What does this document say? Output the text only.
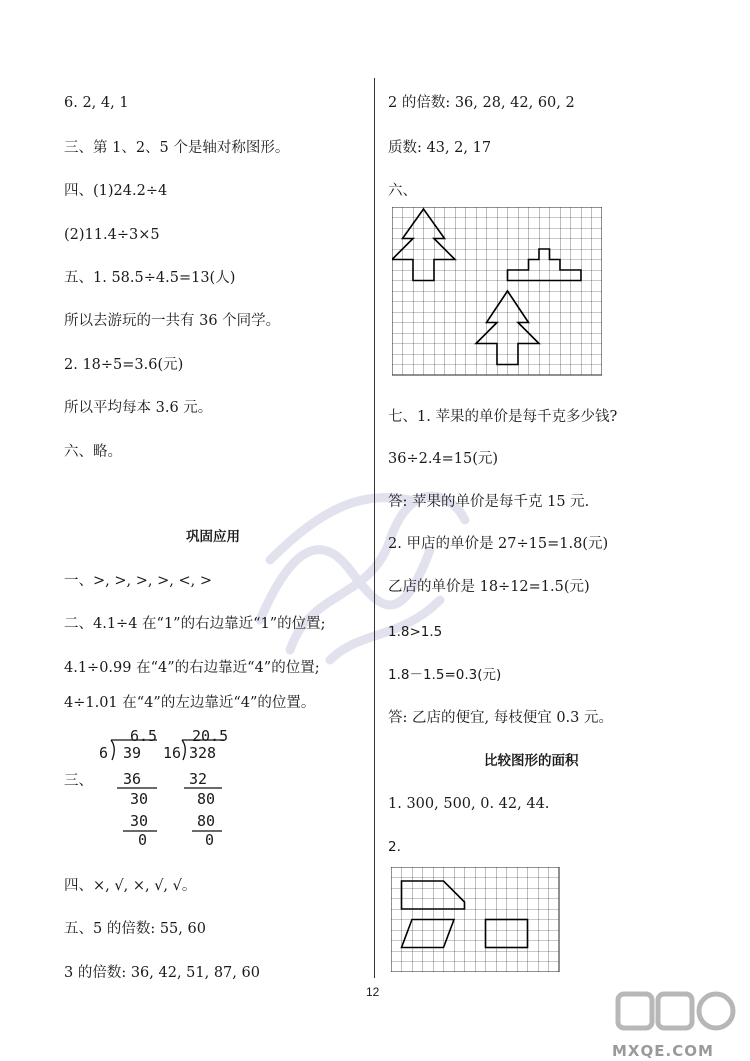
6. 2, 4, 1
三、第 1、2、5 个是轴对称图形。
四、(1)24.2÷4
(2)11.4÷3×5
五、1. 58.5÷4.5=13(人)
所以去游玩的一共有 36 个同学。
2. 18÷5=3.6(元)
所以平均每本 3.6 元。
六、略。
巩固应用
一、>, >, >, >, <, >
二、4.1÷4 在“1”的右边靠近“1”的位置;
4.1÷0.99 在“4”的右边靠近“4”的位置;
4÷1.01 在“4”的左边靠近“4”的位置。
三、
6.5
6 39
36
30
30
0
20.5
16 328
32
80
80
0
四、×, √, ×, √, √。
五、5 的倍数: 55, 60
3 的倍数: 36, 42, 51, 87, 60
2 的倍数: 36, 28, 42, 60, 2
质数: 43, 2, 17
六、
七、1. 苹果的单价是每千克多少钱?
36÷2.4=15(元)
答: 苹果的单价是每千克 15 元.
2. 甲店的单价是 27÷15=1.8(元)
乙店的单价是 18÷12=1.5(元)
1.8>1.5
1.8－1.5=0.3(元)
答: 乙店的便宜, 每枝便宜 0.3 元。
比较图形的面积
1. 300, 500, 0. 42, 44.
2.
12
MXQE.COM
